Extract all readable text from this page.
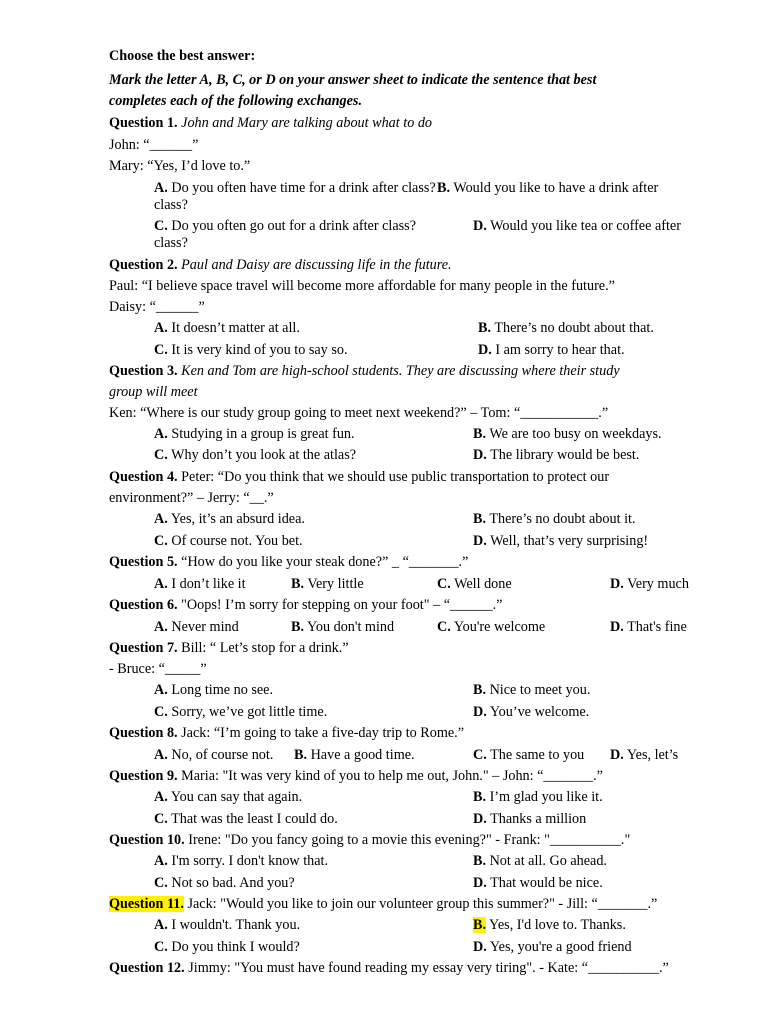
Choose the best answer:
Mark the letter A, B, C, or D on your answer sheet to indicate the sentence that best
completes each of the following exchanges.
Question 1. John and Mary are talking about what to do
John: “______”
Mary: “Yes, I’d love to.”
A. Do you often have time for a drink after class? B. Would you like to have a drink after
class?
C. Do you often go out for a drink after class?	D. Would you like tea or coffee after
class?
Question 2. Paul and Daisy are discussing life in the future.
Paul: “I believe space travel will become more affordable for many people in the future.”
Daisy: “______”
A. It doesn’t matter at all.	B. There’s no doubt about that.
C. It is very kind of you to say so.	D. I am sorry to hear that.
Question 3. Ken and Tom are high-school students. They are discussing where their study
group will meet
Ken: “Where is our study group going to meet next weekend?” – Tom: “___________.”
A. Studying in a group is great fun.	B. We are too busy on weekdays.
C. Why don’t you look at the atlas?	D. The library would be best.
Question 4. Peter: “Do you think that we should use public transportation to protect our
environment?” – Jerry: “__.”
A. Yes, it’s an absurd idea.	B. There’s no doubt about it.
C. Of course not. You bet.	D. Well, that’s very surprising!
Question 5. “How do you like your steak done?” _ “_______.”
A. I don’t like it	B. Very little	C. Well done	D. Very much
Question 6. "Oops! I’m sorry for stepping on your foot" – “______.”
A. Never mind	B. You don't mind	C. You're welcome	D. That's fine
Question 7. Bill: “ Let’s stop for a drink.”
- Bruce: “_____”
A. Long time no see.	B. Nice to meet you.
C. Sorry, we’ve got little time.	D. You’ve welcome.
Question 8. Jack: “I’m going to take a five-day trip to Rome.”
A. No, of course not. B. Have a good time.	C. The same to you D. Yes, let’s
Question 9. Maria: "It was very kind of you to help me out, John." – John: “_______.”
A. You can say that again.	B. I’m glad you like it.
C. That was the least I could do.	D. Thanks a million
Question 10. Irene: "Do you fancy going to a movie this evening?" - Frank: "__________."
A. I'm sorry. I don't know that.	B. Not at all. Go ahead.
C. Not so bad. And you?	D. That would be nice.
Question 11. Jack: "Would you like to join our volunteer group this summer?" - Jill: “_______.”
A. I wouldn't. Thank you.	B. Yes, I'd love to. Thanks.
C. Do you think I would?	D. Yes, you're a good friend
Question 12. Jimmy: "You must have found reading my essay very tiring". - Kate: “__________.”
